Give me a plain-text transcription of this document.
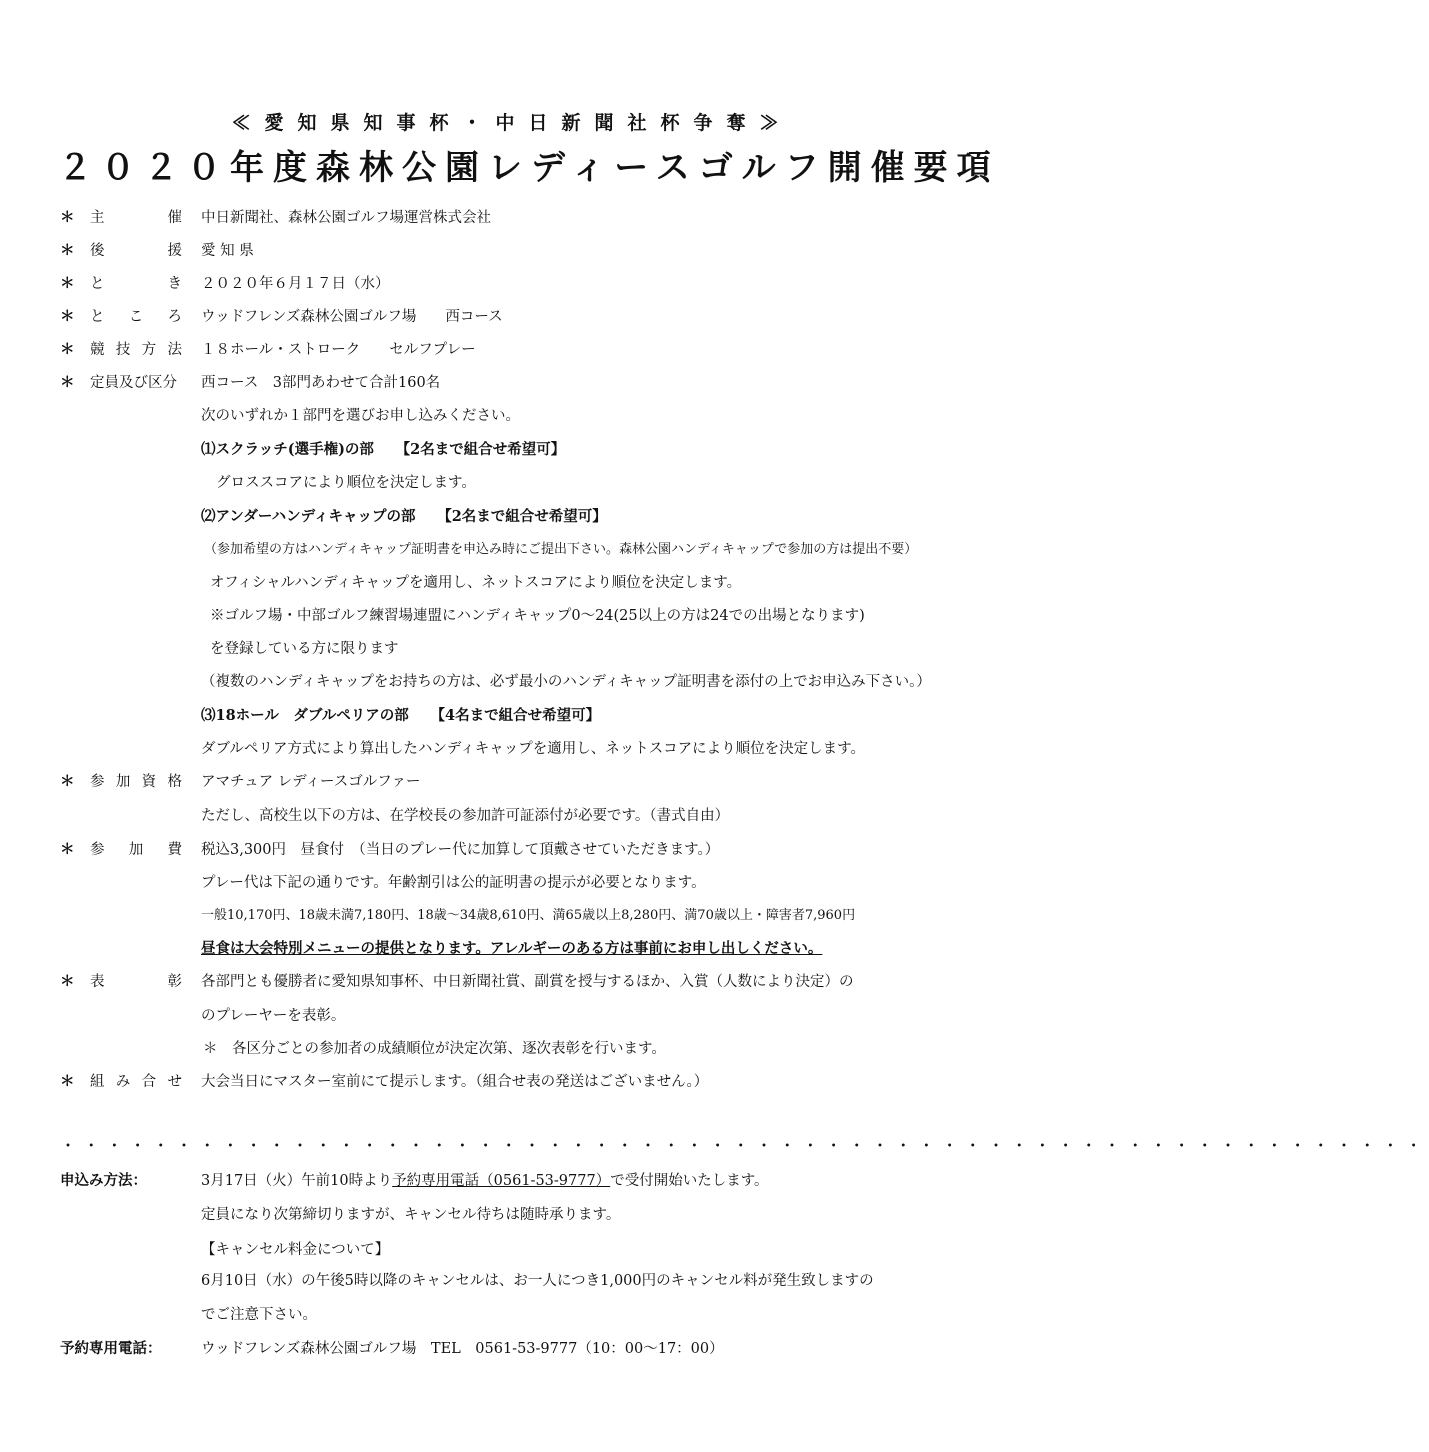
≪愛知県知事杯・中日新聞社杯争奪≫
２０２０年度森林公園レディースゴルフ開催要項
＊ 主	催 中日新聞社、森林公園ゴルフ場運営株式会社
＊ 後	援 愛 知 県
＊ と	き ２０２０年６月１７日（水）
＊ と こ ろ ウッドフレンズ森林公園ゴルフ場　　西コース
＊ 競 技 方 法 １８ホール・ストローク　　セルフプレー
＊ 定員及び区分 西コース　3部門あわせて合計160名
次のいずれか１部門を選びお申し込みください。
⑴スクラッチ(選手権)の部　　【2名まで組合せ希望可】
グロススコアにより順位を決定します。
⑵アンダーハンディキャップの部　　【2名まで組合せ希望可】
（参加希望の方はハンディキャップ証明書を申込み時にご提出下さい。森林公園ハンディキャップで参加の方は提出不要）
オフィシャルハンディキャップを適用し、ネットスコアにより順位を決定します。
※ゴルフ場・中部ゴルフ練習場連盟にハンディキャップ0～24(25以上の方は24での出場となります)
を登録している方に限ります
（複数のハンディキャップをお持ちの方は、必ず最小のハンディキャップ証明書を添付の上でお申込み下さい。）
⑶18ホール　ダブルペリアの部　　【4名まで組合せ希望可】
ダブルペリア方式により算出したハンディキャップを適用し、ネットスコアにより順位を決定します。
＊ 参 加 資 格 アマチュア レディースゴルファー
ただし、高校生以下の方は、在学校長の参加許可証添付が必要です。（書式自由）
＊ 参 加 費 税込3,300円　昼食付　（当日のプレー代に加算して頂戴させていただきます。）
プレー代は下記の通りです。年齢割引は公的証明書の提示が必要となります。
一般10,170円、18歳未満7,180円、18歳～34歳8,610円、満65歳以上8,280円、満70歳以上・障害者7,960円
昼食は大会特別メニューの提供となります。アレルギーのある方は事前にお申し出しください。
＊ 表	彰 各部門とも優勝者に愛知県知事杯、中日新聞社賞、副賞を授与するほか、入賞（人数により決定）の
のプレーヤーを表彰。
＊　各区分ごとの参加者の成績順位が決定次第、逐次表彰を行います。
＊ 組 み 合 せ 大会当日にマスター室前にて提示します。（組合せ表の発送はございません。）
・・・・・・・・・・・・・・・・・・・・・・・・・・・・・・・・・・・・・・・・・・・・・・・・・・・・・・・・・・・
申込み方法：	3月17日（火）午前10時より予約専用電話（0561-53-9777）で受付開始いたします。
定員になり次第締切りますが、キャンセル待ちは随時承ります。
【キャンセル料金について】
6月10日（水）の午後5時以降のキャンセルは、お一人につき1,000円のキャンセル料が発生致しますの
でご注意下さい。
予約専用電話：	ウッドフレンズ森林公園ゴルフ場　TEL　0561-53-9777（10：00～17：00）
